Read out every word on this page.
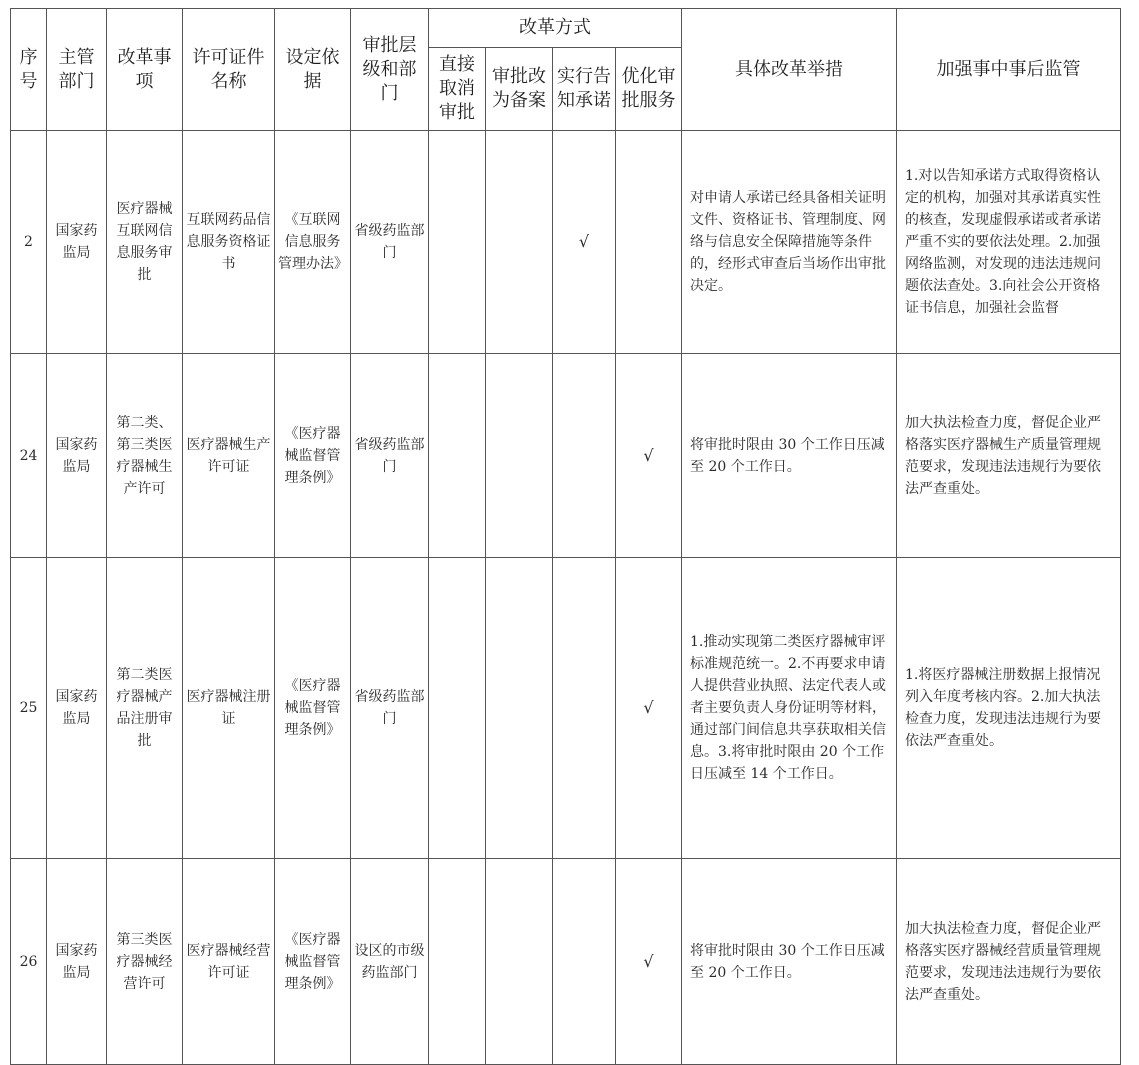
序号	主管部门	改革事项	许可证件名称	设定依据	审批层级和部门	改革方式				具体改革举措	加强事中事后监管
						直接取消审批	审批改为备案	实行告知承诺	优化审批服务		
2	国家药监局	医疗器械互联网信息服务审批	互联网药品信息服务资格证书	《互联网信息服务管理办法》	省级药监部门			√		对申请人承诺已经具备相关证明文件、资格证书、管理制度、网络与信息安全保障措施等条件的，经形式审查后当场作出审批决定。	1.对以告知承诺方式取得资格认定的机构，加强对其承诺真实性的核查，发现虚假承诺或者承诺严重不实的要依法处理。2.加强网络监测，对发现的违法违规问题依法查处。3.向社会公开资格证书信息，加强社会监督

24	国家药监局	第二类、第三类医疗器械生产许可	医疗器械生产许可证	《医疗器械监督管理条例》	省级药监部门				√	将审批时限由 30 个工作日压减至 20 个工作日。	加大执法检查力度，督促企业严格落实医疗器械生产质量管理规范要求，发现违法违规行为要依法严查重处。
25	国家药监局	第二类医疗器械产品注册审批	医疗器械注册证	《医疗器械监督管理条例》	省级药监部门				√	1.推动实现第二类医疗器械审评标准规范统一。2.不再要求申请人提供营业执照、法定代表人或者主要负责人身份证明等材料，通过部门间信息共享获取相关信息。3.将审批时限由 20 个工作日压减至 14 个工作日。	1.将医疗器械注册数据上报情况列入年度考核内容。2.加大执法检查力度，发现违法违规行为要依法严查重处。
26	国家药监局	第三类医疗器械经营许可	医疗器械经营许可证	《医疗器械监督管理条例》	设区的市级药监部门				√	将审批时限由 30 个工作日压减至 20 个工作日。	加大执法检查力度，督促企业严格落实医疗器械经营质量管理规范要求，发现违法违规行为要依法严查重处。
